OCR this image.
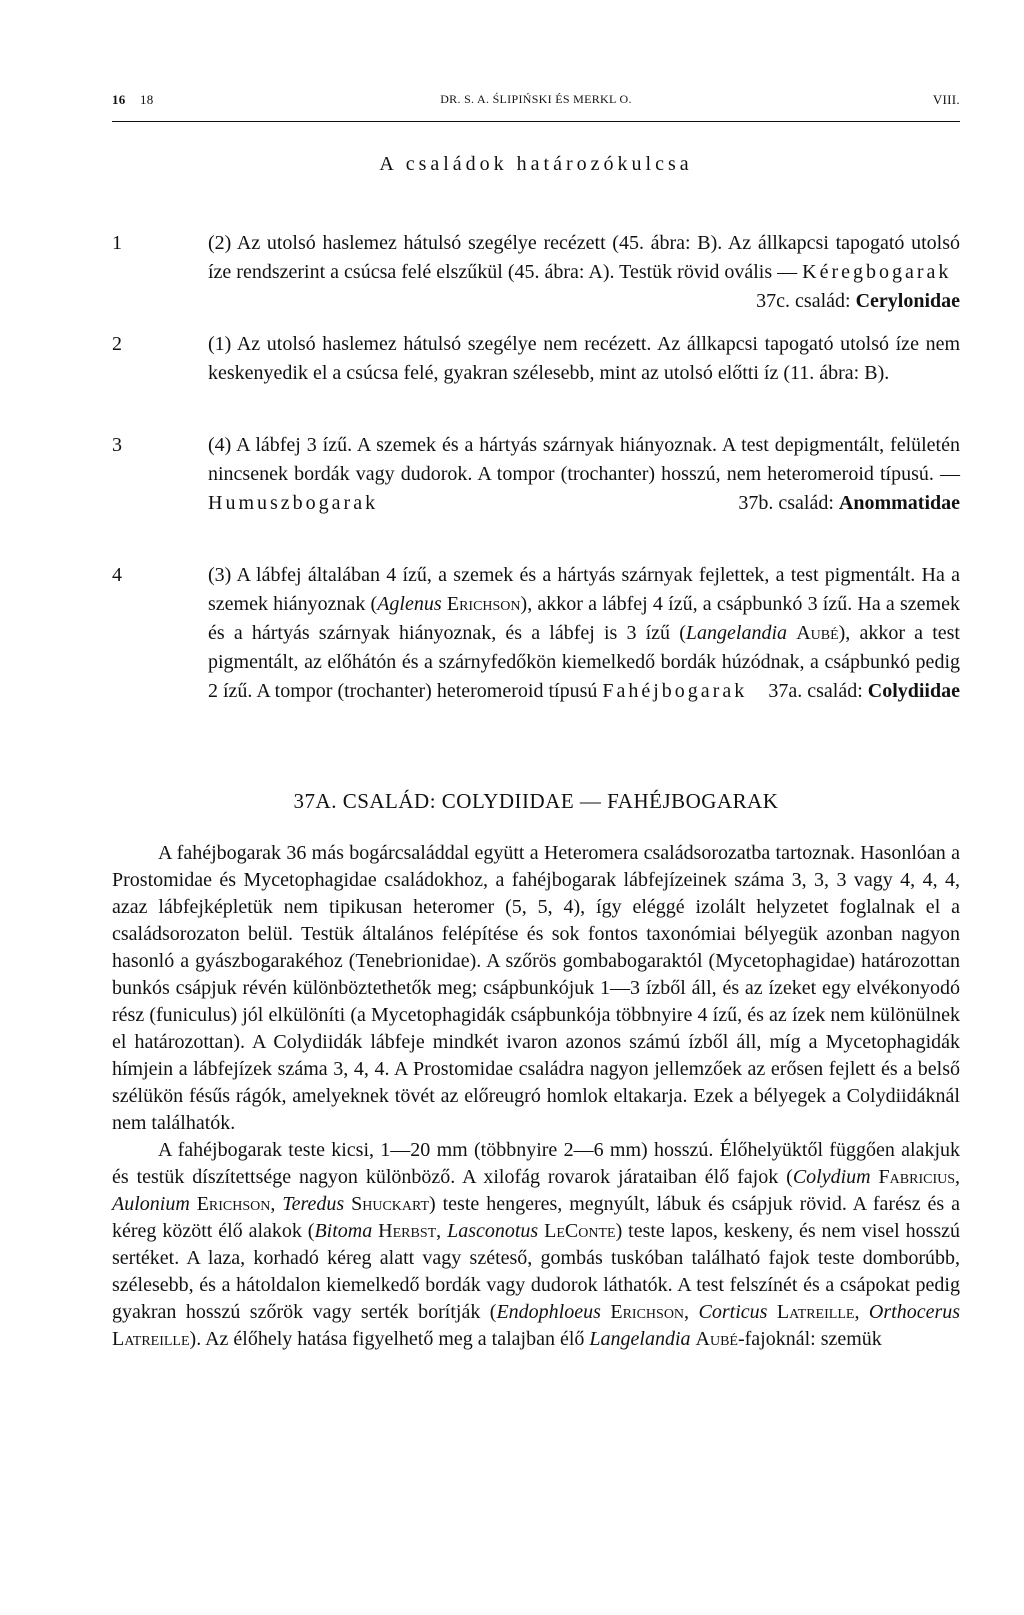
16 18	DR. S. A. ŚLIPIŃSKI ÉS MERKL O.	VIII.
A családok határozókulcsa
1	(2) Az utolsó haslemez hátulsó szegélye recézett (45. ábra: B). Az állkapcsi tapogató utolsó íze rendszerint a csúcsa felé elszűkül (45. ábra: A). Testük rövid ovális — Kéregbogarak
37c. család: Cerylonidae
2	(1) Az utolsó haslemez hátulsó szegélye nem recézett. Az állkapcsi tapogató utolsó íze nem keskenyedik el a csúcsa felé, gyakran szélesebb, mint az utolsó előtti íz (11. ábra: B).
3	(4) A lábfej 3 ízű. A szemek és a hártyás szárnyak hiányoznak. A test depigmentált, felületén nincsenek bordák vagy dudorok. A tompor (trochanter) hosszú, nem heteromeroid típusú. — Humuszbogarak	37b. család: Anommatidae
4	(3) A lábfej általában 4 ízű, a szemek és a hártyás szárnyak fejlettek, a test pigmentált. Ha a szemek hiányoznak (Aglenus Erichson), akkor a lábfej 4 ízű, a csápbunkó 3 ízű. Ha a szemek és a hártyás szárnyak hiányoznak, és a lábfej is 3 ízű (Langelandia Aubé), akkor a test pigmentált, az előhátón és a szárnyfedőkön kiemelkedő bordák húzódnak, a csápbunkó pedig 2 ízű. A tompor (trochanter) heteromeroid típusú Fahéjbogarak 37a. család: Colydiidae
37A. CSALÁD: COLYDIIDAE — FAHÉJBOGARAK

A fahéjbogarak 36 más bogárcsaláddal együtt a Heteromera családsorozatba tartoznak. Hasonlóan a Prostomidae és Mycetophagidae családokhoz, a fahéjbogarak lábfejízeinek száma 3, 3, 3 vagy 4, 4, 4, azaz lábfejképletük nem tipikusan heteromer (5, 5, 4), így eléggé izolált helyzetet foglalnak el a családsorozaton belül. Testük általános felépítése és sok fontos taxonómiai bélyegük azonban nagyon hasonló a gyászbogarakéhoz (Tenebrionidae). A szőrös gombabogaraktól (Mycetophagidae) határozottan bunkós csápjuk révén különböztethetők meg; csápbunkójuk 1—3 ízből áll, és az ízeket egy elvékonyodó rész (funiculus) jól elkülöníti (a Mycetophagidák csápbunkója többnyire 4 ízű, és az ízek nem különülnek el határozottan). A Colydiidák lábfeje mindkét ivaron azonos számú ízből áll, míg a Mycetophagidák hímjein a lábfejízek száma 3, 4, 4. A Prostomidae családra nagyon jellemzőek az erősen fejlett és a belső szélükön fésűs rágók, amelyeknek tövét az előreugró homlok eltakarja. Ezek a bélyegek a Colydiidáknál nem találhatók.

A fahéjbogarak teste kicsi, 1—20 mm (többnyire 2—6 mm) hosszú. Élőhelyüktől függően alakjuk és testük díszítettsége nagyon különböző. A xilofág rovarok járataiban élő fajok (Colydium Fabricius, Aulonium Erichson, Teredus Shuckart) teste hengeres, megnyúlt, lábuk és csápjuk rövid. A farész és a kéreg között élő alakok (Bitoma Herbst, Lasconotus LeConte) teste lapos, keskeny, és nem visel hosszú sertéket. A laza, korhadó kéreg alatt vagy széteső, gombás tuskóban található fajok teste domborúbb, szélesebb, és a hátoldalon kiemelkedő bordák vagy dudorok láthatók. A test felszínét és a csápokat pedig gyakran hosszú szőrök vagy serték borítják (Endophloeus Erichson, Corticus Latreille, Orthocerus Latreille). Az élőhely hatása figyelhető meg a talajban élő Langelandia Aubé-fajoknál: szemük
